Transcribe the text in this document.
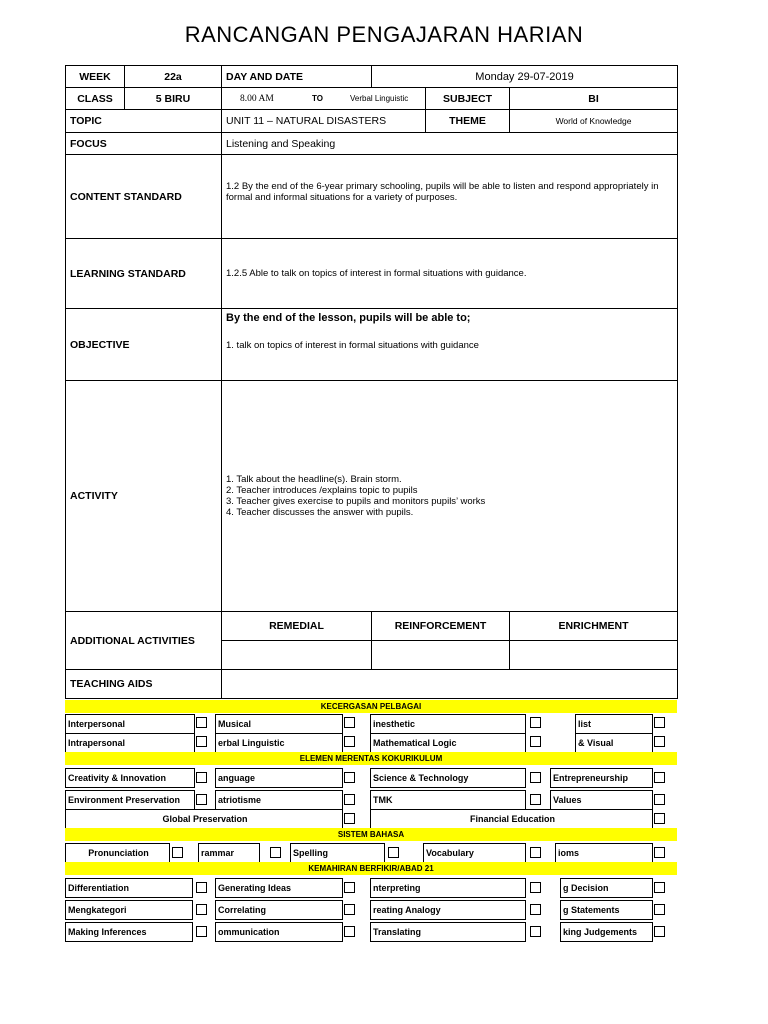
RANCANGAN PENGAJARAN HARIAN
WEEK	22a	DAY AND DATE	Monday 29-07-2019		
CLASS	5 BIRU	8.00 AM TO Verbal Linguistic		SUBJECT	BI
TOPIC		UNIT 11 – NATURAL DISASTERS		THEME	World of Knowledge
FOCUS		Listening and Speaking			
CONTENT STANDARD		1.2 By the end of the 6-year primary schooling, pupils will be able to listen and respond appropriately in formal and informal situations for a variety of purposes.			
LEARNING STANDARD		1.2.5 Able to talk on topics of interest in formal situations with guidance.			
OBJECTIVE		By the end of the lesson, pupils will be able to;
1. talk on topics of interest in formal situations with guidance			

ACTIVITY		1. Talk about the headline(s). Brain storm.
2. Teacher introduces /explains topic to pupils
3. Teacher gives exercise to pupils and monitors pupils’ works
4. Teacher discusses the answer with pupils.			

ADDITIONAL ACTIVITIES		REMEDIAL	REINFORCEMENT		ENRICHMENT

TEACHING AIDS					
KECERGASAN PELBAGAI
Interpersonal	Musical	inesthetic	list
Intrapersonal	erbal Linguistic	Mathematical Logic	& Visual
ELEMEN MERENTAS KOKURIKULUM
Creativity & Innovation	anguage	Science & Technology	Entrepreneurship
Environment Preservation	atriotisme	TMK	Values
Global Preservation	Financial Education
SISTEM BAHASA
Pronunciation	rammar	Spelling	Vocabulary	ioms
KEMAHIRAN BERFIKIR/ABAD 21
Differentiation	Generating Ideas	nterpreting	g Decision
Mengkategori	Correlating	reating Analogy	g Statements
Making Inferences	ommunication	Translating	king Judgements
